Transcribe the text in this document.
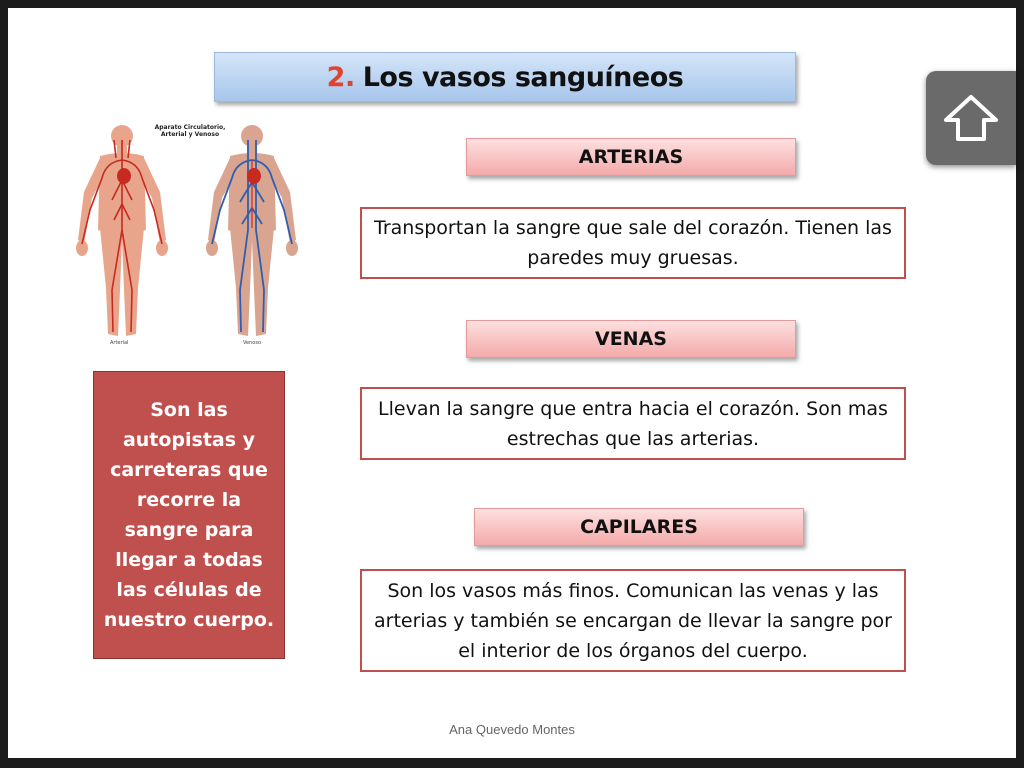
2. Los vasos sanguíneos
Aparato Circulatorio, Arterial y Venoso
Arterial	Venoso
Son las autopistas y carreteras que recorre la sangre para llegar a todas las células de nuestro cuerpo.
ARTERIAS
Transportan la sangre que sale del corazón. Tienen las paredes muy gruesas.
VENAS
Llevan la sangre que entra hacia el corazón. Son mas estrechas que las arterias.
CAPILARES
Son los vasos más finos. Comunican las venas y las arterias y también se encargan de llevar la sangre por el interior de los órganos del cuerpo.
Ana Quevedo Montes
